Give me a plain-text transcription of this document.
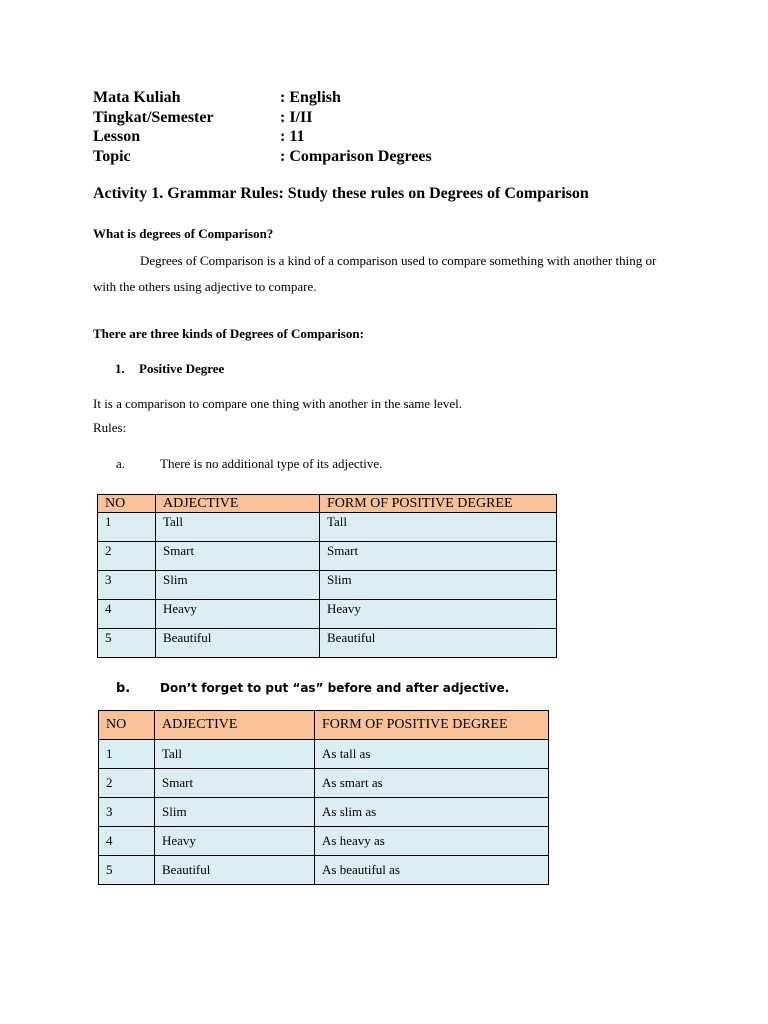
Mata Kuliah	: English
Tingkat/Semester	: I/II
Lesson	: 11
Topic	: Comparison Degrees
Activity 1. Grammar Rules: Study these rules on Degrees of Comparison
What is degrees of Comparison?
Degrees of Comparison is a kind of a comparison used to compare something with another thing or with the others using adjective to compare.
There are three kinds of Degrees of Comparison:
1. Positive Degree
It is a comparison to compare one thing with another in the same level.
Rules:
a.	There is no additional type of its adjective.
NO	ADJECTIVE	FORM OF POSITIVE DEGREE
1	Tall	Tall
2	Smart	Smart
3	Slim	Slim
4	Heavy	Heavy
5	Beautiful	Beautiful
b. Don’t forget to put “as” before and after adjective.
NO	ADJECTIVE	FORM OF POSITIVE DEGREE
1	Tall	As tall as
2	Smart	As smart as
3	Slim	As slim as
4	Heavy	As heavy as
5	Beautiful	As beautiful as
